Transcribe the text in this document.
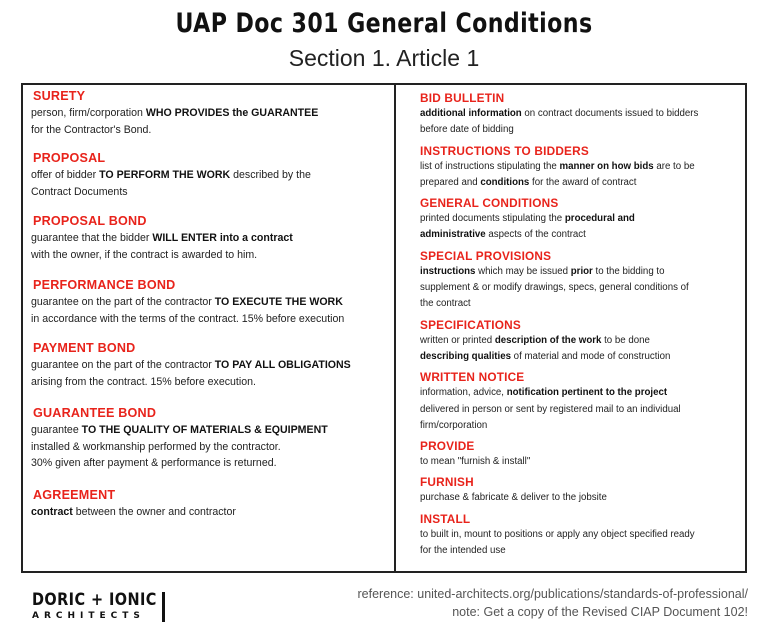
UAP Doc 301 General Conditions
Section 1. Article 1
SURETY
person, firm/corporation WHO PROVIDES the GUARANTEE
for the Contractor's Bond.
PROPOSAL
offer of bidder TO PERFORM THE WORK described by the
Contract Documents
PROPOSAL BOND
guarantee that the bidder WILL ENTER into a contract
with the owner, if the contract is awarded to him.
PERFORMANCE BOND
guarantee on the part of the contractor TO EXECUTE THE WORK
in accordance with the terms of the contract. 15% before execution
PAYMENT BOND
guarantee on the part of the contractor TO PAY ALL OBLIGATIONS
arising from the contract. 15% before execution.
GUARANTEE BOND
guarantee TO THE QUALITY OF MATERIALS & EQUIPMENT
installed & workmanship performed by the contractor.
30% given after payment & performance is returned.
AGREEMENT
contract between the owner and contractor
BID BULLETIN
additional information on contract documents issued to bidders
before date of bidding
INSTRUCTIONS TO BIDDERS
list of instructions stipulating the manner on how bids are to be
prepared and conditions for the award of contract
GENERAL CONDITIONS
printed documents stipulating the procedural and
administrative aspects of the contract
SPECIAL PROVISIONS
instructions which may be issued prior to the bidding to
supplement & or modify drawings, specs, general conditions of
the contract
SPECIFICATIONS
written or printed description of the work to be done
describing qualities of material and mode of construction
WRITTEN NOTICE
information, advice, notification pertinent to the project
delivered in person or sent by registered mail to an individual
firm/corporation
PROVIDE
to mean "furnish & install"
FURNISH
purchase & fabricate & deliver to the jobsite
INSTALL
to built in, mount to positions or apply any object specified ready
for the intended use
DORIC + IONIC
ARCHITECTS
reference: united-architects.org/publications/standards-of-professional/
note: Get a copy of the Revised CIAP Document 102!
